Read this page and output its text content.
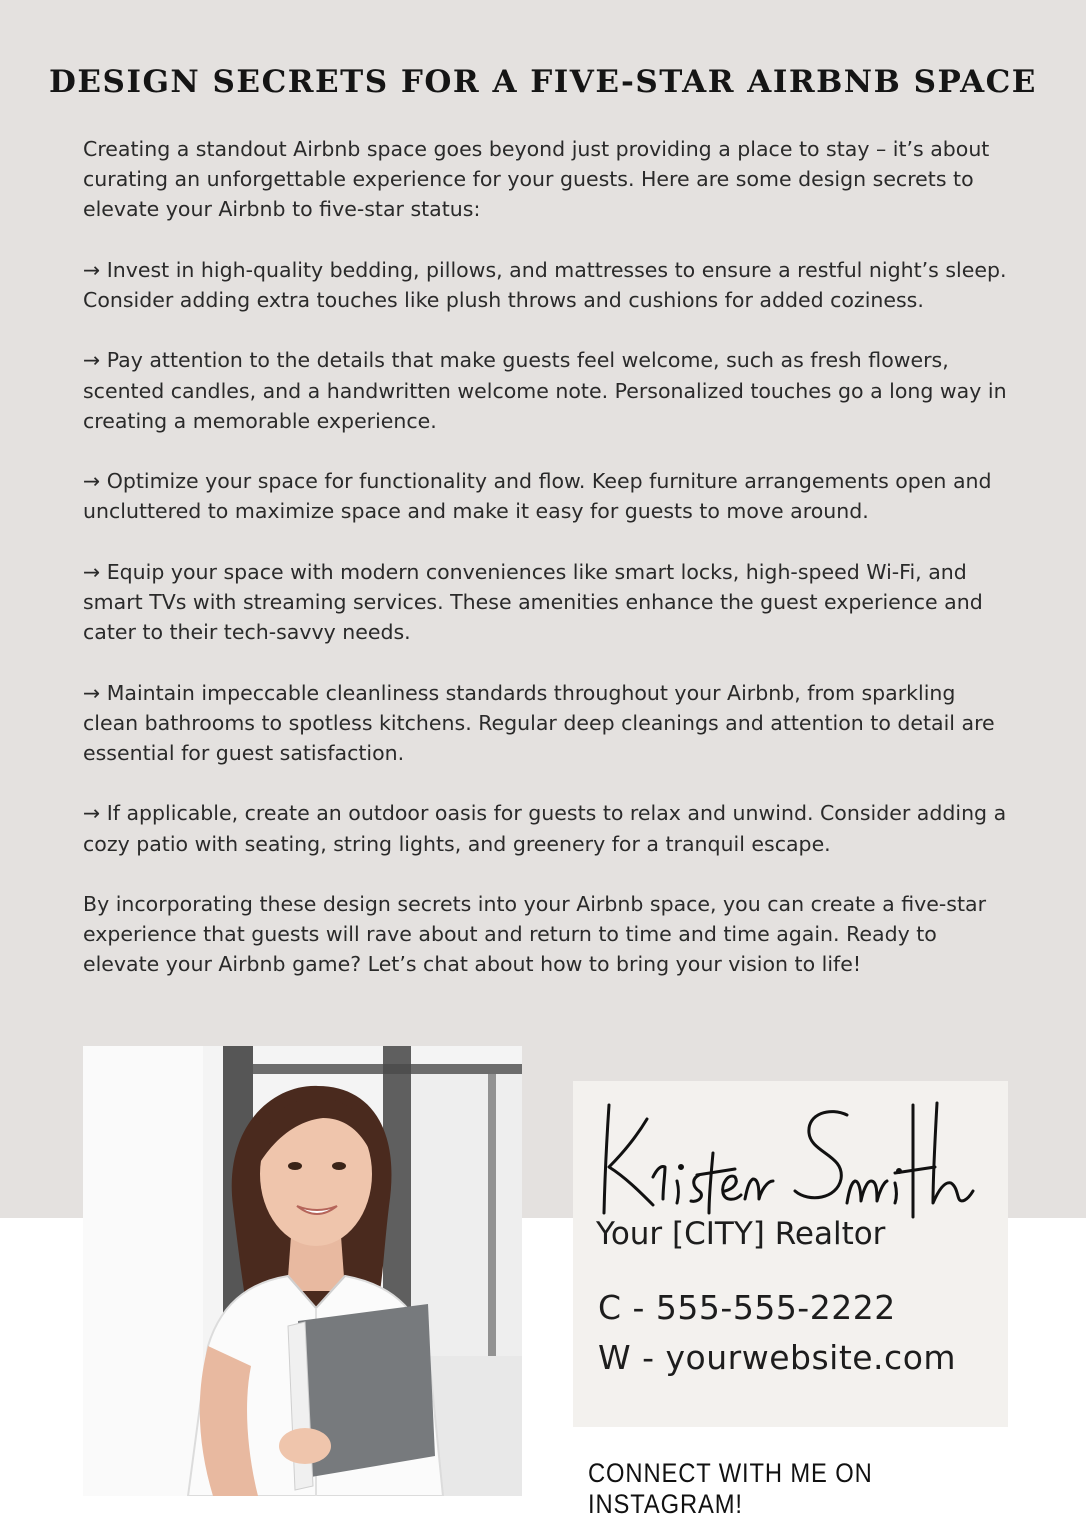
DESIGN SECRETS FOR A FIVE-STAR AIRBNB SPACE

Creating a standout Airbnb space goes beyond just providing a place to stay – it’s about curating an unforgettable experience for your guests. Here are some design secrets to elevate your Airbnb to five-star status:

→ Invest in high-quality bedding, pillows, and mattresses to ensure a restful night’s sleep. Consider adding extra touches like plush throws and cushions for added coziness.

→ Pay attention to the details that make guests feel welcome, such as fresh flowers, scented candles, and a handwritten welcome note. Personalized touches go a long way in creating a memorable experience.

→ Optimize your space for functionality and flow. Keep furniture arrangements open and uncluttered to maximize space and make it easy for guests to move around.

→ Equip your space with modern conveniences like smart locks, high-speed Wi-Fi, and smart TVs with streaming services. These amenities enhance the guest experience and cater to their tech-savvy needs.

→ Maintain impeccable cleanliness standards throughout your Airbnb, from sparkling clean bathrooms to spotless kitchens. Regular deep cleanings and attention to detail are essential for guest satisfaction.

→ If applicable, create an outdoor oasis for guests to relax and unwind. Consider adding a cozy patio with seating, string lights, and greenery for a tranquil escape.

By incorporating these design secrets into your Airbnb space, you can create a five-star experience that guests will rave about and return to time and time again. Ready to elevate your Airbnb game? Let’s chat about how to bring your vision to life!

Your [CITY] Realtor
C - 555-555-2222
W - yourwebsite.com
CONNECT WITH ME ON INSTAGRAM!
